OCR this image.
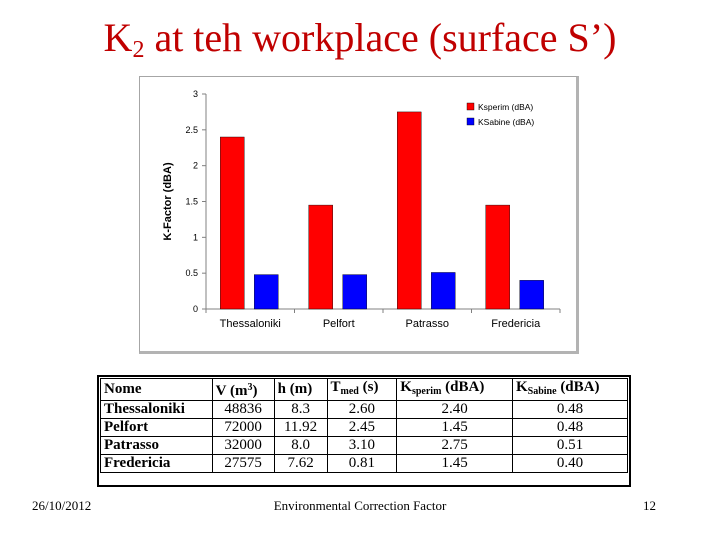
$K_2$ at teh workplace (surface S’)
0
0.5
1
1.5
2
2.5
3
K-Factor (dBA)
Thessaloniki	Pelfort	Patrasso	Fredericia
Ksperim (dBA)
KSabine (dBA)
Nome	V $(m^3)$	h (m)	$T_{med}$ (s)	$K_{sperim}$ (dBA)	$K_{Sabine}$ (dBA)
Thessaloniki	48836	8.3	2.60	2.40	0.48
Pelfort	72000	11.92	2.45	1.45	0.48
Patrasso	32000	8.0	3.10	2.75	0.51
Fredericia	27575	7.62	0.81	1.45	0.40
26/10/2012	Environmental Correction Factor	12
